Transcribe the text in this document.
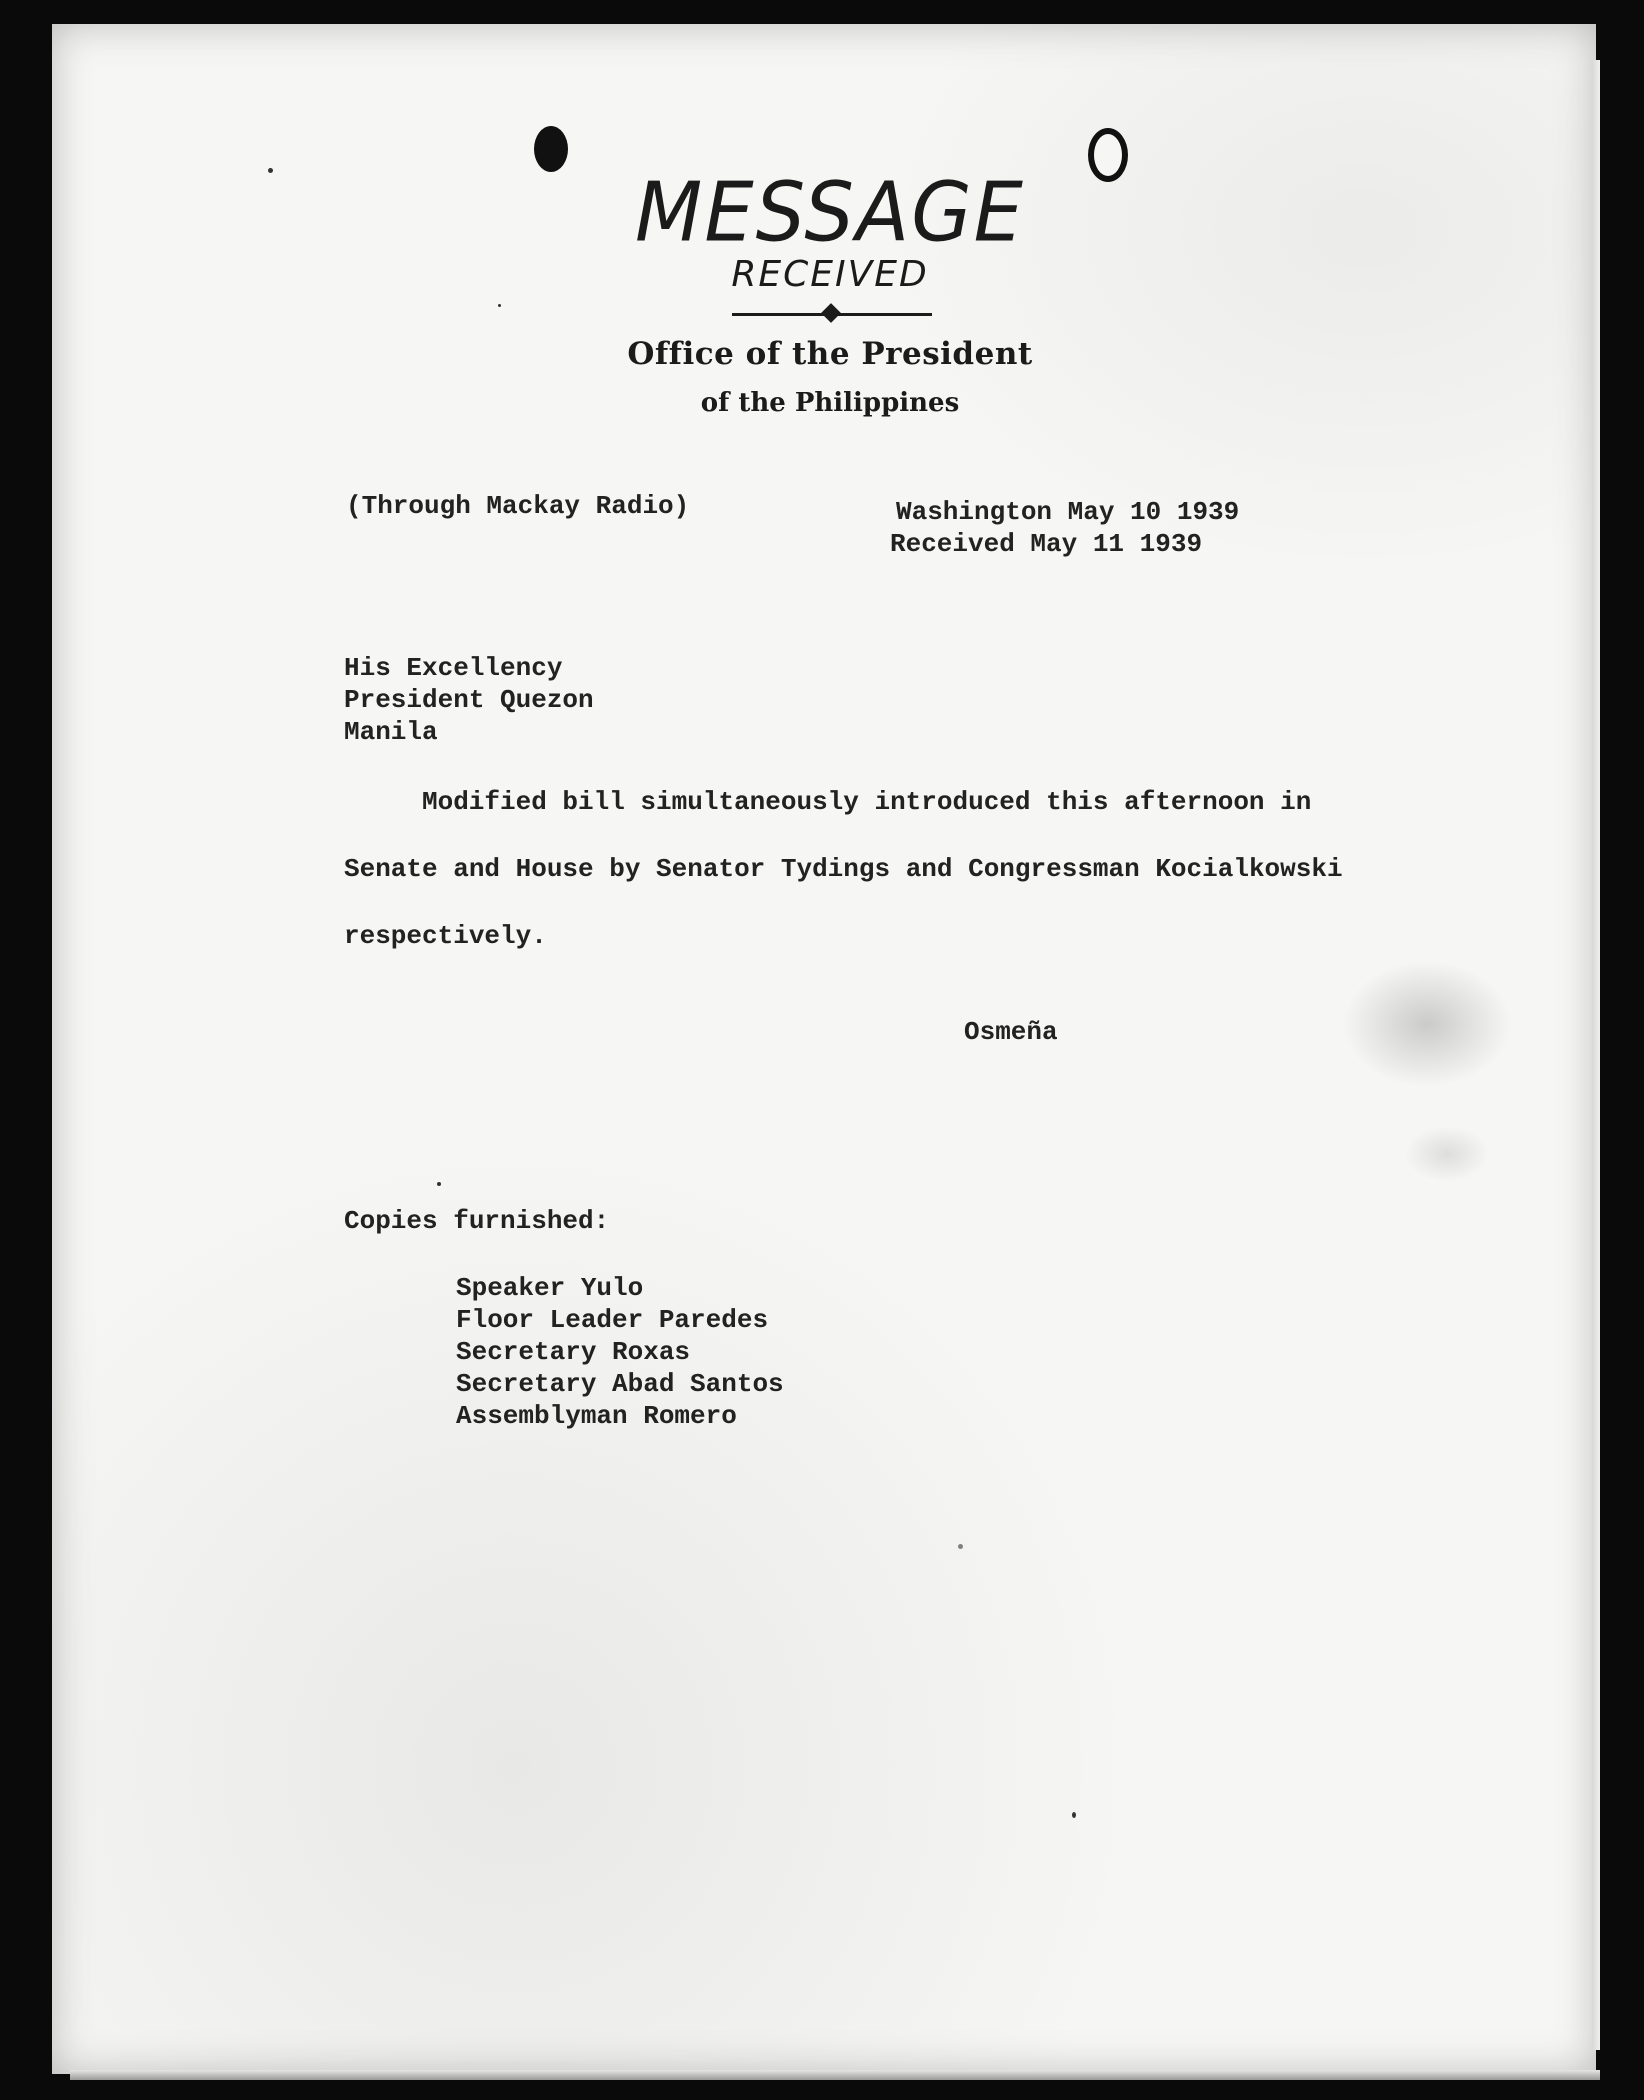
MESSAGE
RECEIVED
Office of the President
of the Philippines
(Through Mackay Radio)	Washington May 10 1939
Received May 11 1939
His Excellency
President Quezon
Manila
Modified bill simultaneously introduced this afternoon in
Senate and House by Senator Tydings and Congressman Kocialkowski
respectively.
Osmeña
Copies furnished:
Speaker Yulo
Floor Leader Paredes
Secretary Roxas
Secretary Abad Santos
Assemblyman Romero
